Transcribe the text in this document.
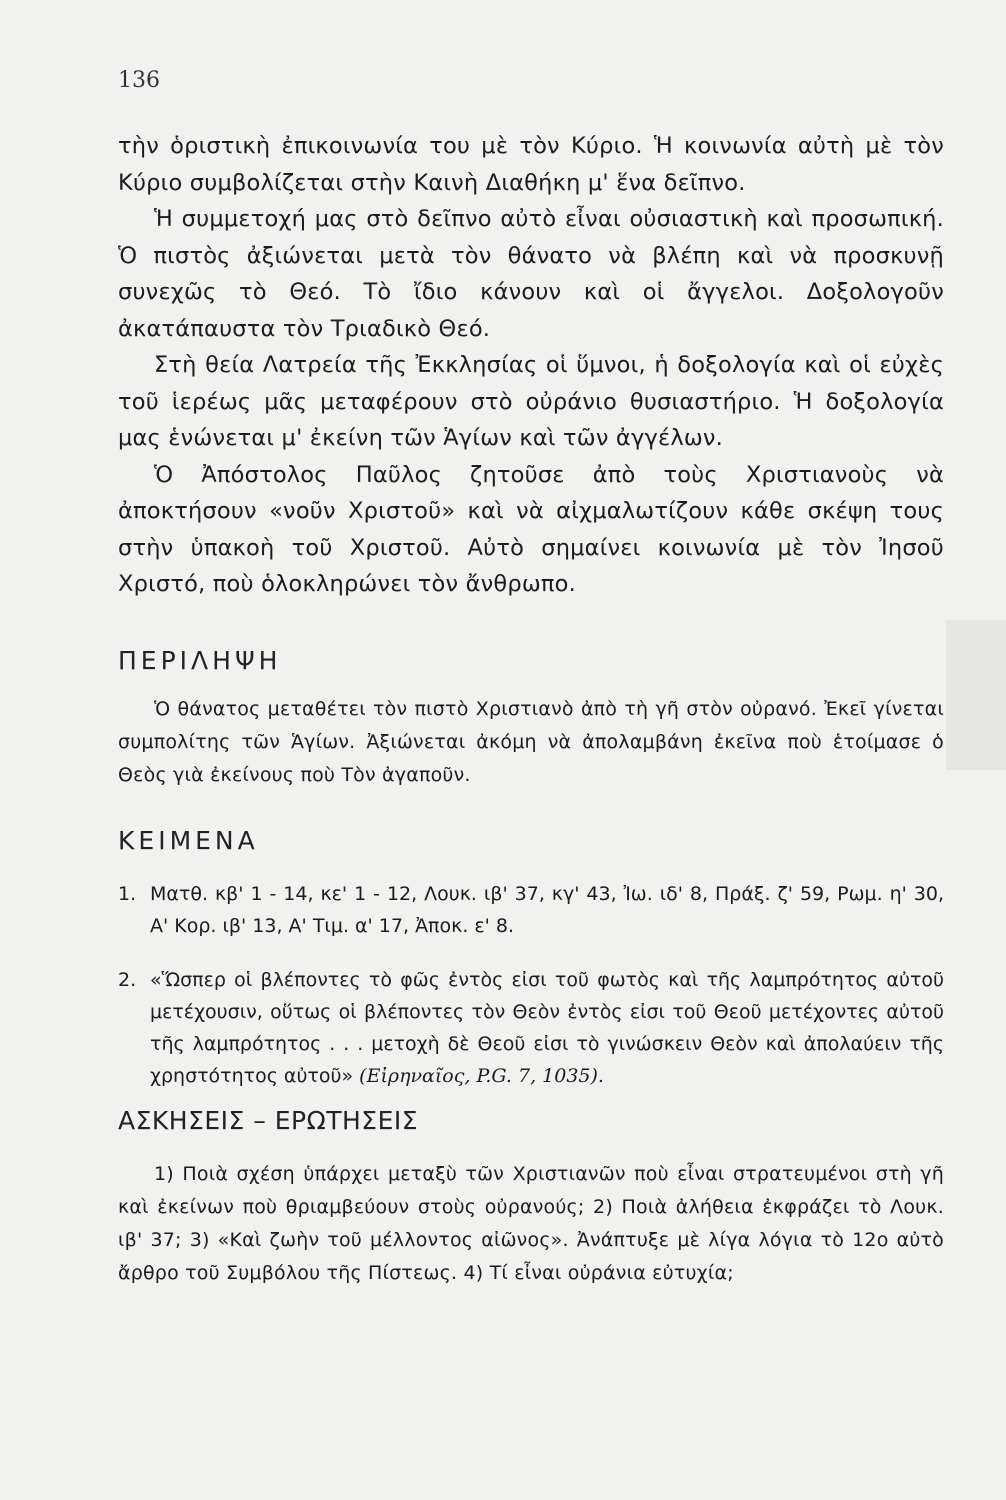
136

τὴν ὁριστικὴ ἐπικοινωνία του μὲ τὸν Κύριο. Ἡ κοινωνία αὐτὴ μὲ τὸν Κύριο συμβολίζεται στὴν Καινὴ Διαθήκη μ' ἕνα δεῖπνο.

Ἡ συμμετοχή μας στὸ δεῖπνο αὐτὸ εἶναι οὐσιαστικὴ καὶ προσωπική. Ὁ πιστὸς ἀξιώνεται μετὰ τὸν θάνατο νὰ βλέπη καὶ νὰ προσκυνῇ συνεχῶς τὸ Θεό. Τὸ ἴδιο κάνουν καὶ οἱ ἄγγελοι. Δοξολογοῦν ἀκατάπαυστα τὸν Τριαδικὸ Θεό.

Στὴ θεία Λατρεία τῆς Ἐκκλησίας οἱ ὕμνοι, ἡ δοξολογία καὶ οἱ εὐχὲς τοῦ ἱερέως μᾶς μεταφέρουν στὸ οὐράνιο θυσιαστήριο. Ἡ δοξολογία μας ἑνώνεται μ' ἐκείνη τῶν Ἁγίων καὶ τῶν ἀγγέλων.

Ὁ Ἀπόστολος Παῦλος ζητοῦσε ἀπὸ τοὺς Χριστιανοὺς νὰ ἀποκτήσουν «νοῦν Χριστοῦ» καὶ νὰ αἰχμαλωτίζουν κάθε σκέψη τους στὴν ὑπακοὴ τοῦ Χριστοῦ. Αὐτὸ σημαίνει κοινωνία μὲ τὸν Ἰησοῦ Χριστό, ποὺ ὁλοκληρώνει τὸν ἄνθρωπο.

ΠΕΡΙΛΗΨΗ

Ὁ θάνατος μεταθέτει τὸν πιστὸ Χριστιανὸ ἀπὸ τὴ γῆ στὸν οὐρανό. Ἐκεῖ γίνεται συμπολίτης τῶν Ἁγίων. Ἀξιώνεται ἀκόμη νὰ ἀπολαμβάνη ἐκεῖνα ποὺ ἑτοίμασε ὁ Θεὸς γιὰ ἐκείνους ποὺ Τὸν ἀγαποῦν.

ΚΕΙΜΕΝΑ
1. Ματθ. κβ' 1 - 14, κε' 1 - 12, Λουκ. ιβ' 37, κγ' 43, Ἰω. ιδ' 8, Πράξ. ζ' 59, Ρωμ. η' 30, Α' Κορ. ιβ' 13, Α' Τιμ. α' 17, Ἀποκ. ε' 8.
2. «Ὥσπερ οἱ βλέποντες τὸ φῶς ἐντὸς εἰσι τοῦ φωτὸς καὶ τῆς λαμπρότητος αὐτοῦ μετέχουσιν, οὕτως οἱ βλέποντες τὸν Θεὸν ἐντὸς εἰσι τοῦ Θεοῦ μετέχοντες αὐτοῦ τῆς λαμπρότητος . . . μετοχὴ δὲ Θεοῦ εἰσι τὸ γινώσκειν Θεὸν καὶ ἀπολαύειν τῆς χρηστότητος αὐτοῦ» (Εἰρηναῖος, P.G. 7, 1035).
ΑΣΚΗΣΕΙΣ – ΕΡΩΤΗΣΕΙΣ

1) Ποιὰ σχέση ὑπάρχει μεταξὺ τῶν Χριστιανῶν ποὺ εἶναι στρατευμένοι στὴ γῆ καὶ ἐκείνων ποὺ θριαμβεύουν στοὺς οὐρανούς; 2) Ποιὰ ἀλήθεια ἐκφράζει τὸ Λουκ. ιβ' 37; 3) «Καὶ ζωὴν τοῦ μέλλοντος αἰῶνος». Ἀνάπτυξε μὲ λίγα λόγια τὸ 12ο αὐτὸ ἄρθρο τοῦ Συμβόλου τῆς Πίστεως. 4) Τί εἶναι οὐράνια εὐτυχία;
